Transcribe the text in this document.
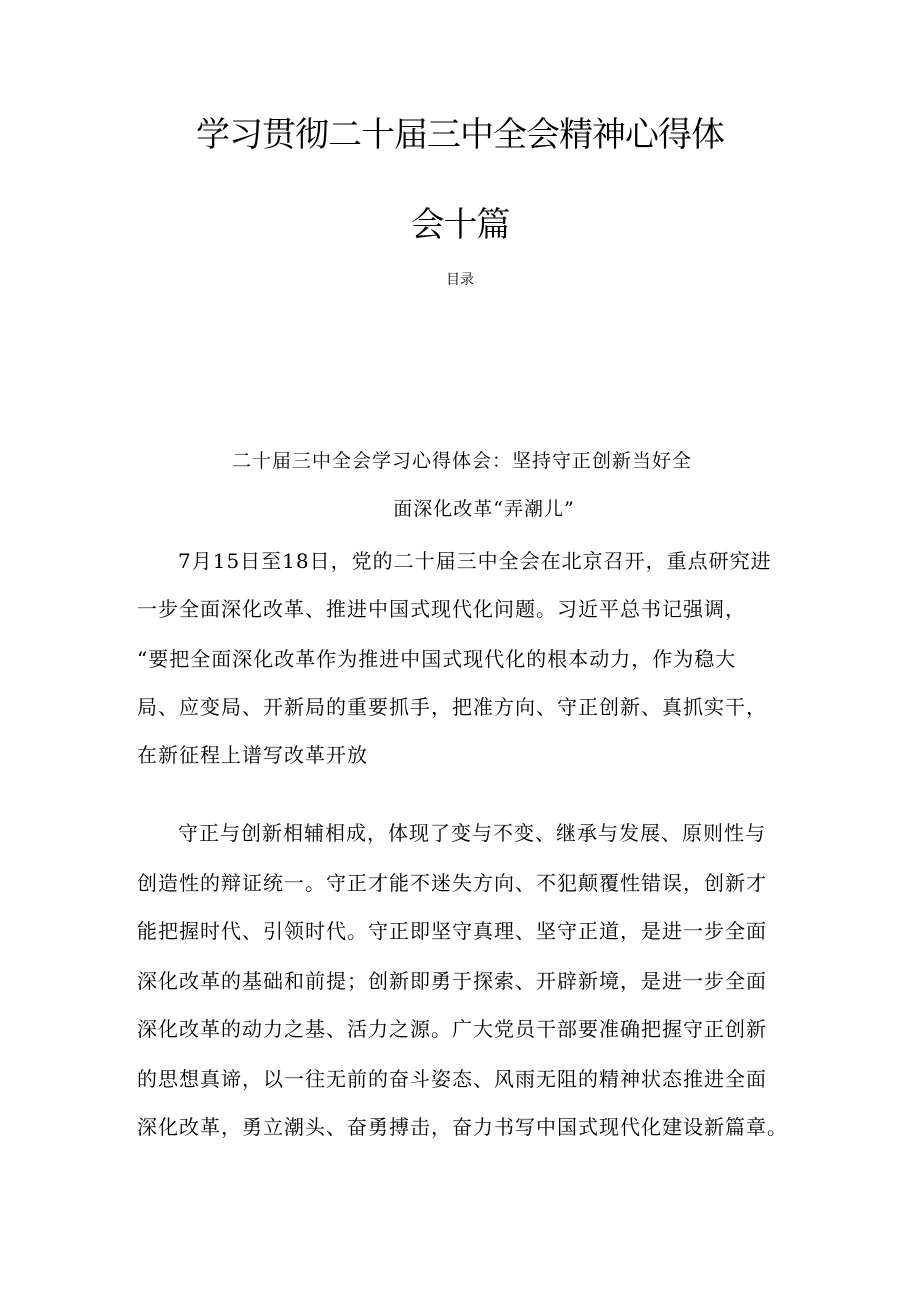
学习贯彻二十届三中全会精神心得体
会十篇
目录
二十届三中全会学习心得体会：坚持守正创新当好全
面深化改革“弄潮儿”
7月15日至18日，党的二十届三中全会在北京召开，重点研究进
一步全面深化改革、推进中国式现代化问题。习近平总书记强调，
“要把全面深化改革作为推进中国式现代化的根本动力，作为稳大
局、应变局、开新局的重要抓手，把准方向、守正创新、真抓实干，
在新征程上谱写改革开放
守正与创新相辅相成，体现了变与不变、继承与发展、原则性与
创造性的辩证统一。守正才能不迷失方向、不犯颠覆性错误，创新才
能把握时代、引领时代。守正即坚守真理、坚守正道，是进一步全面
深化改革的基础和前提；创新即勇于探索、开辟新境，是进一步全面
深化改革的动力之基、活力之源。广大党员干部要准确把握守正创新
的思想真谛，以一往无前的奋斗姿态、风雨无阻的精神状态推进全面
深化改革，勇立潮头、奋勇搏击，奋力书写中国式现代化建设新篇章。
